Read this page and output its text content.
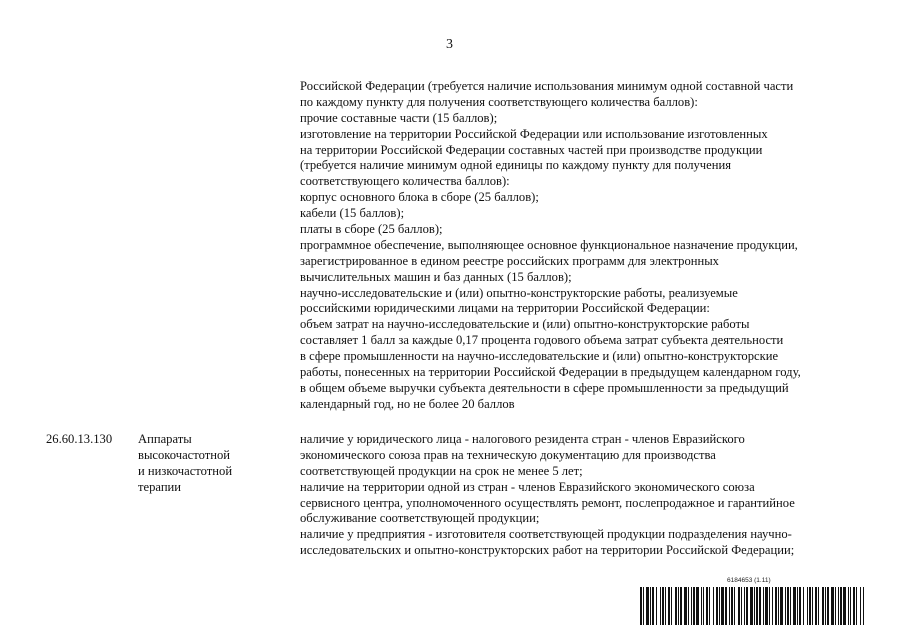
3
Российской Федерации (требуется наличие использования минимум одной составной части
по каждому пункту для получения соответствующего количества баллов):
прочие составные части (15 баллов);
изготовление на территории Российской Федерации или использование изготовленных
на территории Российской Федерации составных частей при производстве продукции
(требуется наличие минимум одной единицы по каждому пункту для получения
соответствующего количества баллов):
корпус основного блока в сборе (25 баллов);
кабели (15 баллов);
платы в сборе (25 баллов);
программное обеспечение, выполняющее основное функциональное назначение продукции,
зарегистрированное в едином реестре российских программ для электронных
вычислительных машин и баз данных (15 баллов);
научно-исследовательские и (или) опытно-конструкторские работы, реализуемые
российскими юридическими лицами на территории Российской Федерации:
объем затрат на научно-исследовательские и (или) опытно-конструкторские работы
составляет 1 балл за каждые 0,17 процента годового объема затрат субъекта деятельности
в сфере промышленности на научно-исследовательские и (или) опытно-конструкторские
работы, понесенных на территории Российской Федерации в предыдущем календарном году,
в общем объеме выручки субъекта деятельности в сфере промышленности за предыдущий
календарный год, но не более 20 баллов
26.60.13.130 Аппараты
высокочастотной
и низкочастотной
терапии
наличие у юридического лица - налогового резидента стран - членов Евразийского
экономического союза прав на техническую документацию для производства
соответствующей продукции на срок не менее 5 лет;
наличие на территории одной из стран - членов Евразийского экономического союза
сервисного центра, уполномоченного осуществлять ремонт, послепродажное и гарантийное
обслуживание соответствующей продукции;
наличие у предприятия - изготовителя соответствующей продукции подразделения научно-
исследовательских и опытно-конструкторских работ на территории Российской Федерации;
6184653 (1.11)
